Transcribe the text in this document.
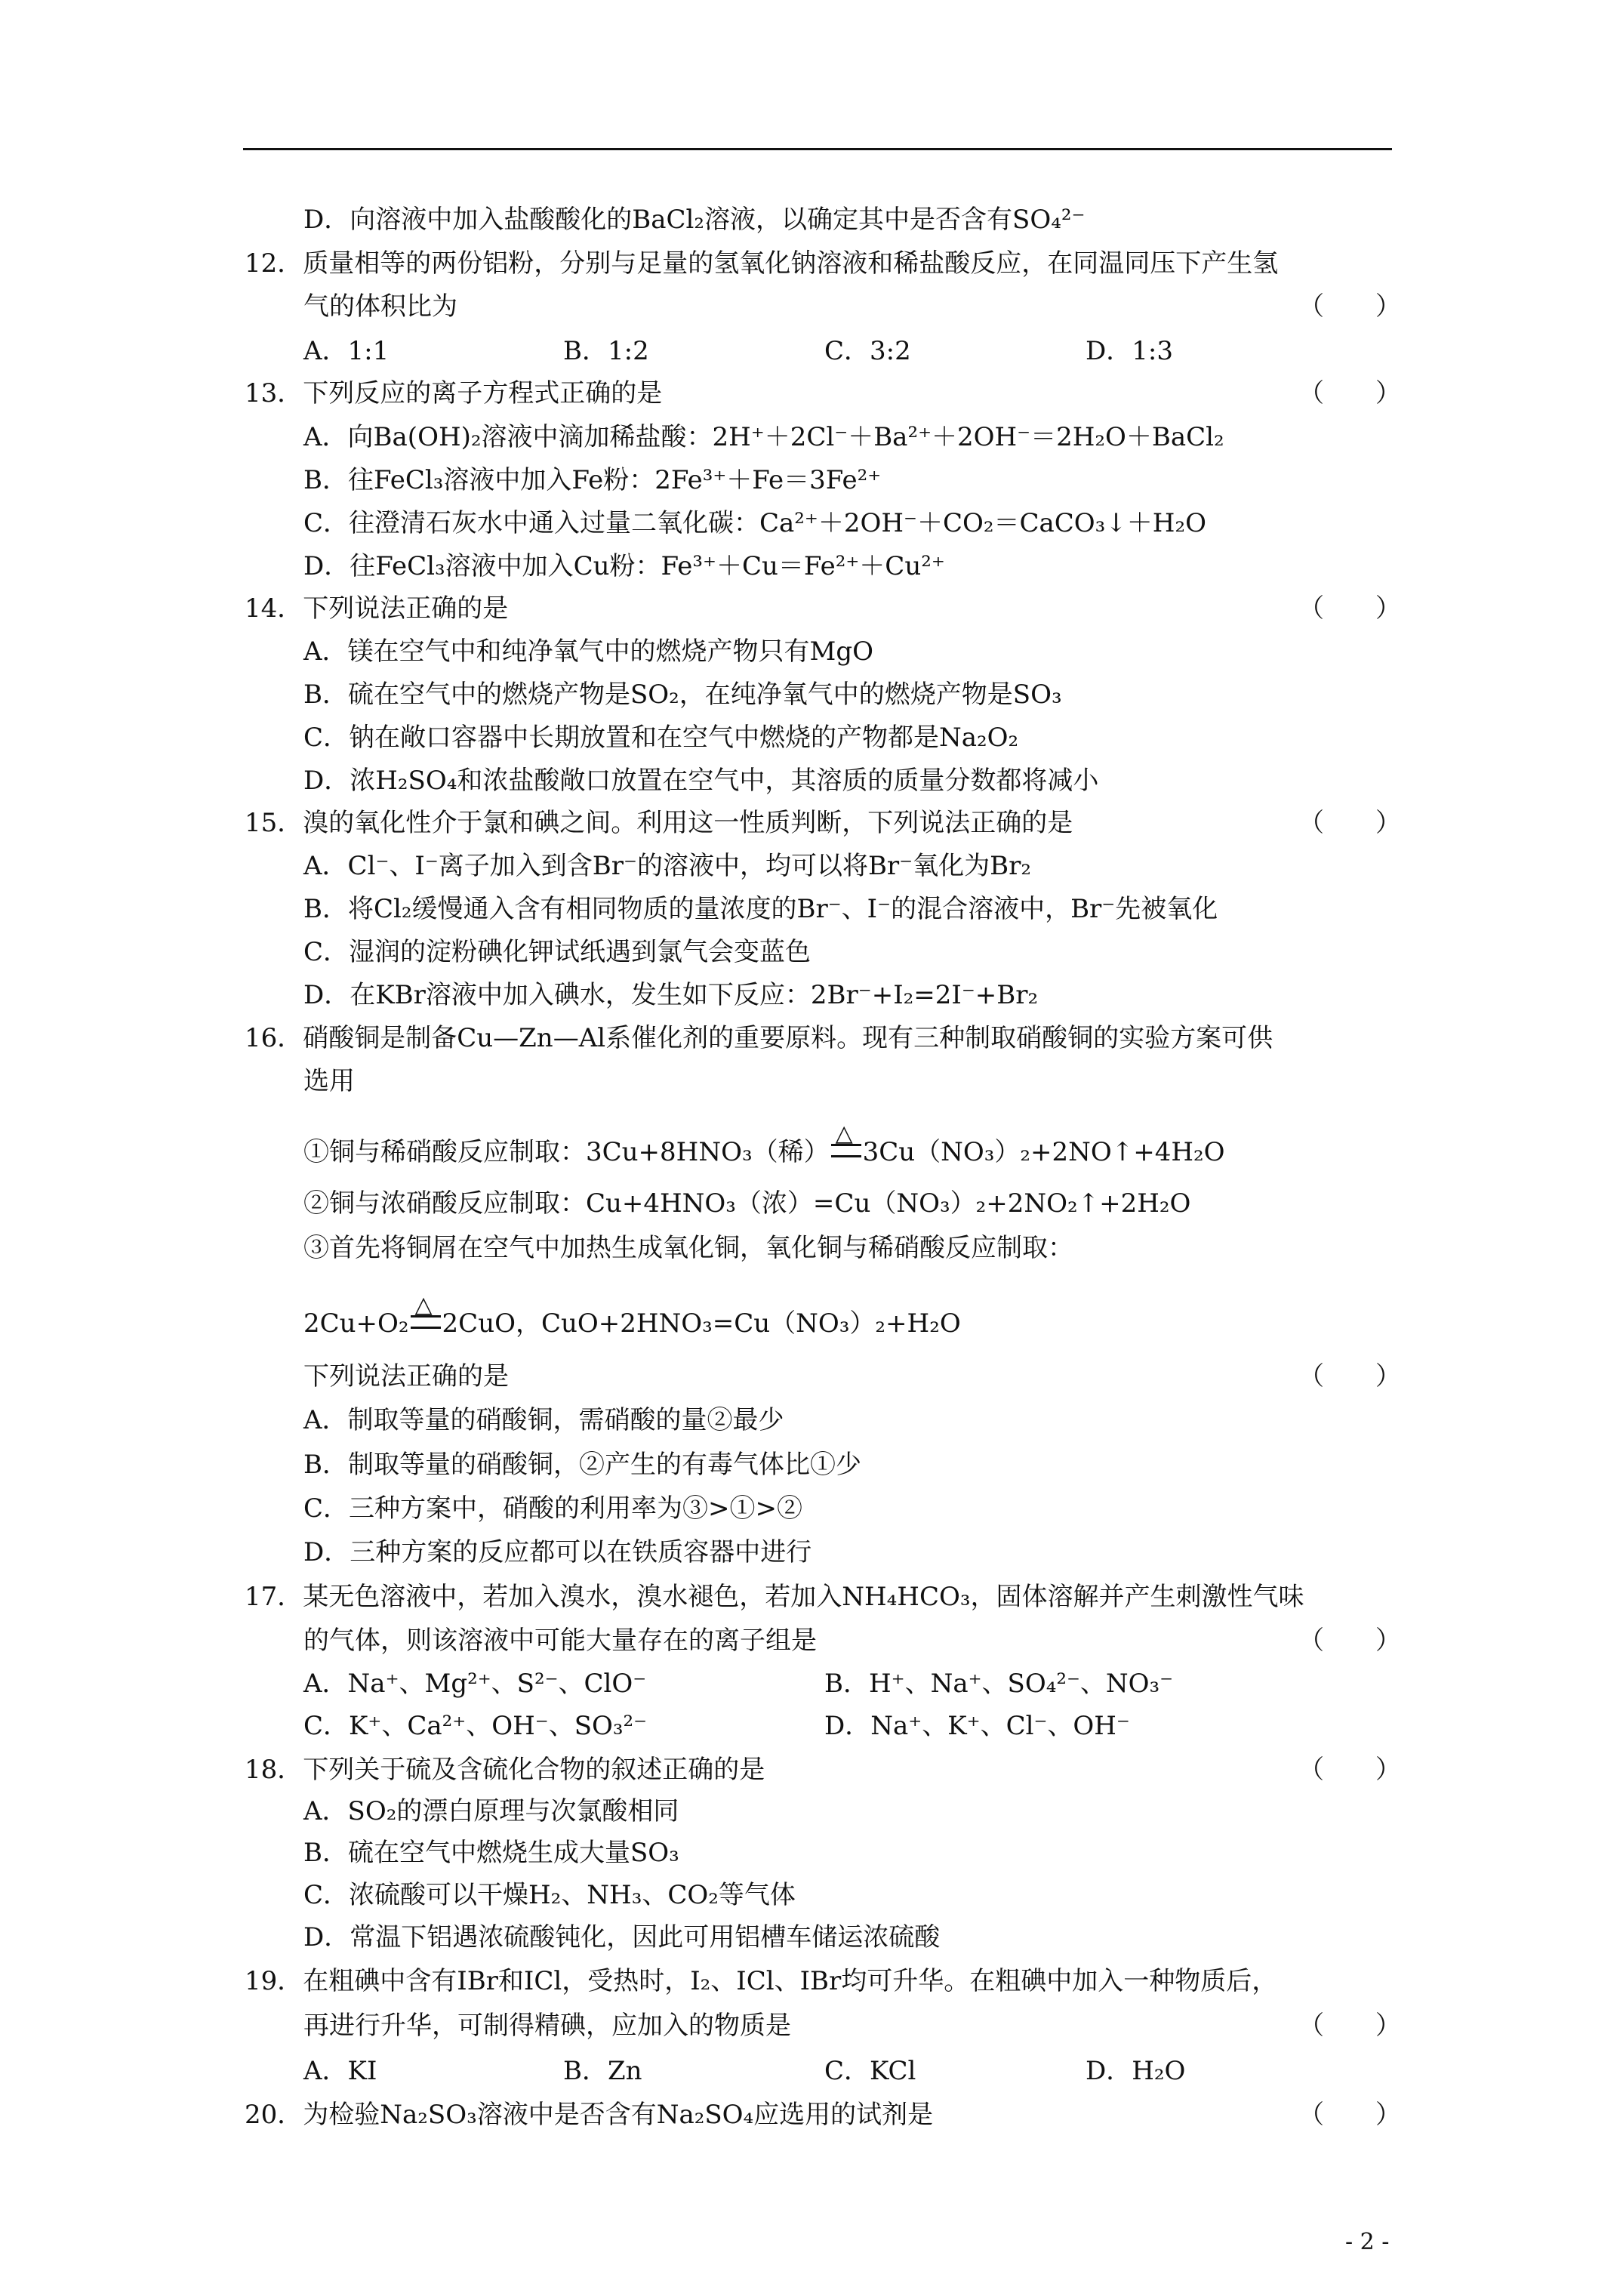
D．向溶液中加入盐酸酸化的BaCl₂溶液，以确定其中是否含有SO₄²⁻
12．质量相等的两份铝粉，分别与足量的氢氧化钠溶液和稀盐酸反应，在同温同压下产生氢
气的体积比为	（　　）
A．1:1	B．1:2	C．3:2	D．1:3
13．下列反应的离子方程式正确的是	（　　）
A．向Ba(OH)₂溶液中滴加稀盐酸：2H⁺＋2Cl⁻＋Ba²⁺＋2OH⁻＝2H₂O＋BaCl₂
B．往FeCl₃溶液中加入Fe粉：2Fe³⁺＋Fe＝3Fe²⁺
C．往澄清石灰水中通入过量二氧化碳：Ca²⁺＋2OH⁻＋CO₂＝CaCO₃↓＋H₂O
D．往FeCl₃溶液中加入Cu粉：Fe³⁺＋Cu＝Fe²⁺＋Cu²⁺
14．下列说法正确的是	（　　）
A．镁在空气中和纯净氧气中的燃烧产物只有MgO
B．硫在空气中的燃烧产物是SO₂，在纯净氧气中的燃烧产物是SO₃
C．钠在敞口容器中长期放置和在空气中燃烧的产物都是Na₂O₂
D．浓H₂SO₄和浓盐酸敞口放置在空气中，其溶质的质量分数都将减小
15．溴的氧化性介于氯和碘之间。利用这一性质判断，下列说法正确的是	（　　）
A．Cl⁻、I⁻离子加入到含Br⁻的溶液中，均可以将Br⁻氧化为Br₂
B．将Cl₂缓慢通入含有相同物质的量浓度的Br⁻、I⁻的混合溶液中，Br⁻先被氧化
C．湿润的淀粉碘化钾试纸遇到氯气会变蓝色
D．在KBr溶液中加入碘水，发生如下反应：2Br⁻+I₂=2I⁻+Br₂
16．硝酸铜是制备Cu—Zn—Al系催化剂的重要原料。现有三种制取硝酸铜的实验方案可供
选用
①铜与稀硝酸反应制取：3Cu+8HNO₃（稀）
△
3Cu（NO₃）₂+2NO↑+4H₂O
②铜与浓硝酸反应制取：Cu+4HNO₃（浓）=Cu（NO₃）₂+2NO₂↑+2H₂O
③首先将铜屑在空气中加热生成氧化铜，氧化铜与稀硝酸反应制取：
2Cu+O₂
△
2CuO，CuO+2HNO₃=Cu（NO₃）₂+H₂O
下列说法正确的是	（　　）
A．制取等量的硝酸铜，需硝酸的量②最少
B．制取等量的硝酸铜，②产生的有毒气体比①少
C．三种方案中，硝酸的利用率为③>①>②
D．三种方案的反应都可以在铁质容器中进行
17．某无色溶液中，若加入溴水，溴水褪色，若加入NH₄HCO₃，固体溶解并产生刺激性气味
的气体，则该溶液中可能大量存在的离子组是	（　　）
A．Na⁺、Mg²⁺、S²⁻、ClO⁻	B．H⁺、Na⁺、SO₄²⁻、NO₃⁻
C．K⁺、Ca²⁺、OH⁻、SO₃²⁻	D．Na⁺、K⁺、Cl⁻、OH⁻
18．下列关于硫及含硫化合物的叙述正确的是	（　　）
A．SO₂的漂白原理与次氯酸相同
B．硫在空气中燃烧生成大量SO₃
C．浓硫酸可以干燥H₂、NH₃、CO₂等气体
D．常温下铝遇浓硫酸钝化，因此可用铝槽车储运浓硫酸
19．在粗碘中含有IBr和ICl，受热时，I₂、ICl、IBr均可升华。在粗碘中加入一种物质后，
再进行升华，可制得精碘，应加入的物质是	（　　）
A．KI	B．Zn	C．KCl	D．H₂O
20．为检验Na₂SO₃溶液中是否含有Na₂SO₄应选用的试剂是	（　　）
- 2 -
